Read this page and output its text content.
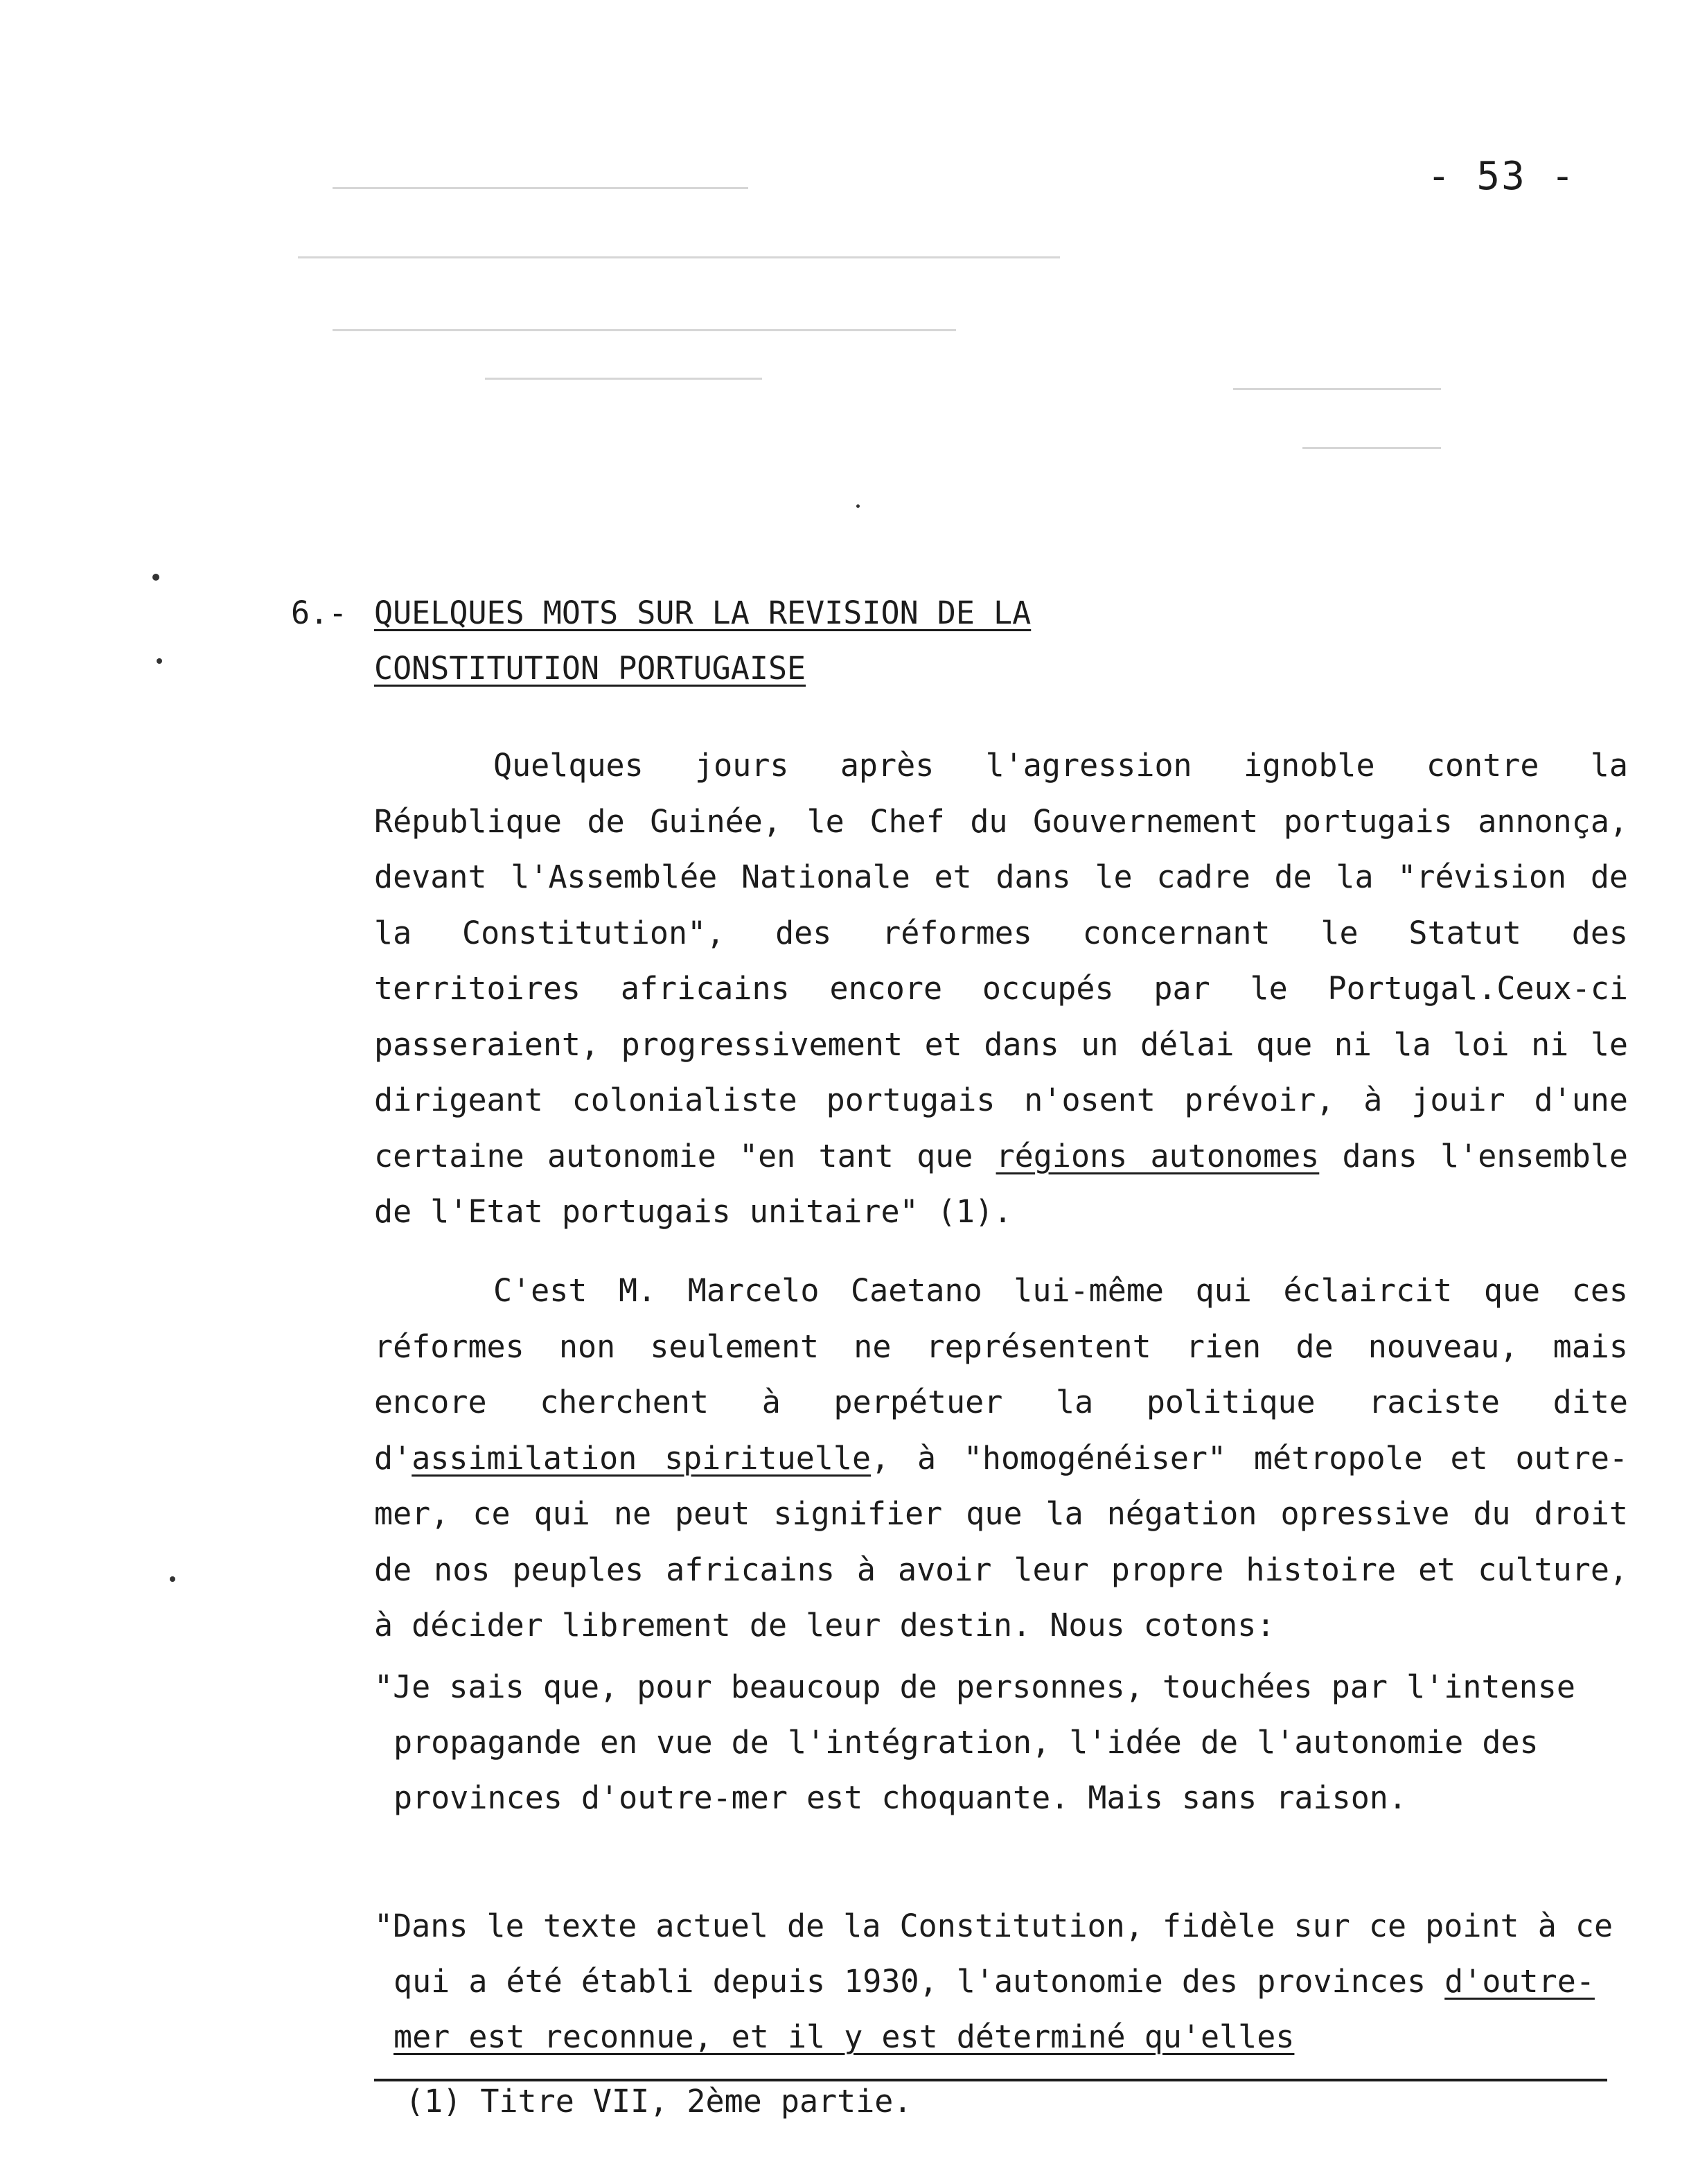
- 53 -
6.- QUELQUES MOTS SUR LA REVISION DE LA
CONSTITUTION PORTUGAISE

Quelques jours après l'agression ignoble contre la République de Guinée, le Chef du Gouvernement portugais annonça, devant l'Assemblée Nationale et dans le cadre de la "révision de la Constitution", des réformes concernant le Statut des territoires africains encore occupés par le Portugal.Ceux-ci passeraient, progressivement et dans un délai que ni la loi ni le dirigeant colonialiste portugais n'osent prévoir, à jouir d'une certaine autonomie "en tant que régions autonomes dans l'ensemble de l'Etat portugais unitaire" (1).

C'est M. Marcelo Caetano lui-même qui éclaircit que ces réformes non seulement ne représentent rien de nouveau, mais encore cherchent à perpétuer la politique raciste dite d'assimilation spirituelle, à "homogénéiser" métropole et outre-mer, ce qui ne peut signifier que la négation opressive du droit de nos peuples africains à avoir leur propre histoire et culture, à décider librement de leur destin. Nous cotons:

"Je sais que, pour beaucoup de personnes, touchées par l'intense propagande en vue de l'intégration, l'idée de l'autonomie des provinces d'outre-mer est choquante. Mais sans raison.

"Dans le texte actuel de la Constitution, fidèle sur ce point à ce qui a été établi depuis 1930, l'autonomie des provinces d'outre-mer est reconnue, et il y est déterminé qu'elles

(1) Titre VII, 2ème partie.
